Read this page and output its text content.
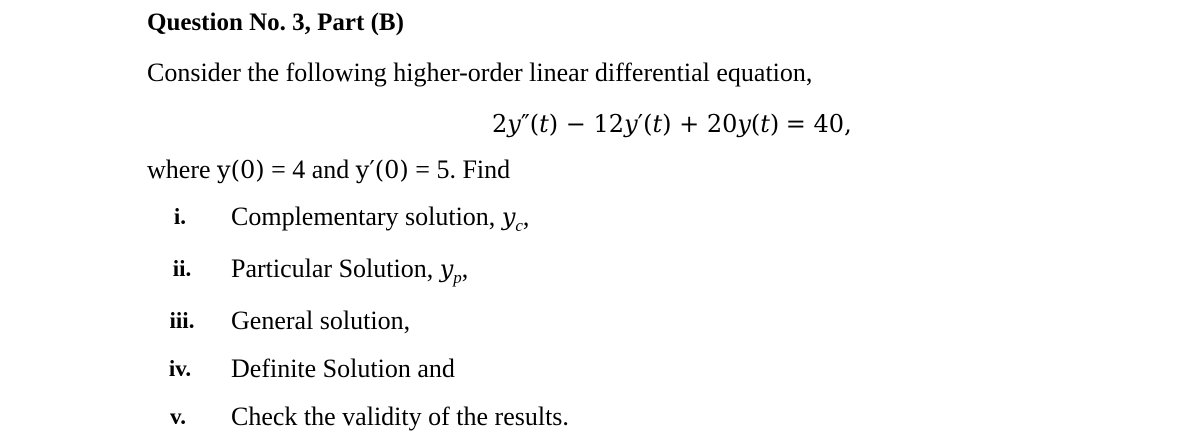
Question No. 3, Part (B)
Consider the following higher-order linear differential equation,
2𝑦″(𝑡) − 12𝑦′(𝑡) + 20𝑦(𝑡) = 40,
where y(0) = 4 and y′(0) = 5. Find
i.	Complementary solution, $y_c$,
ii.	Particular Solution, $y_p$,
iii. General solution,
iv.	Definite Solution and
v.	Check the validity of the results.
